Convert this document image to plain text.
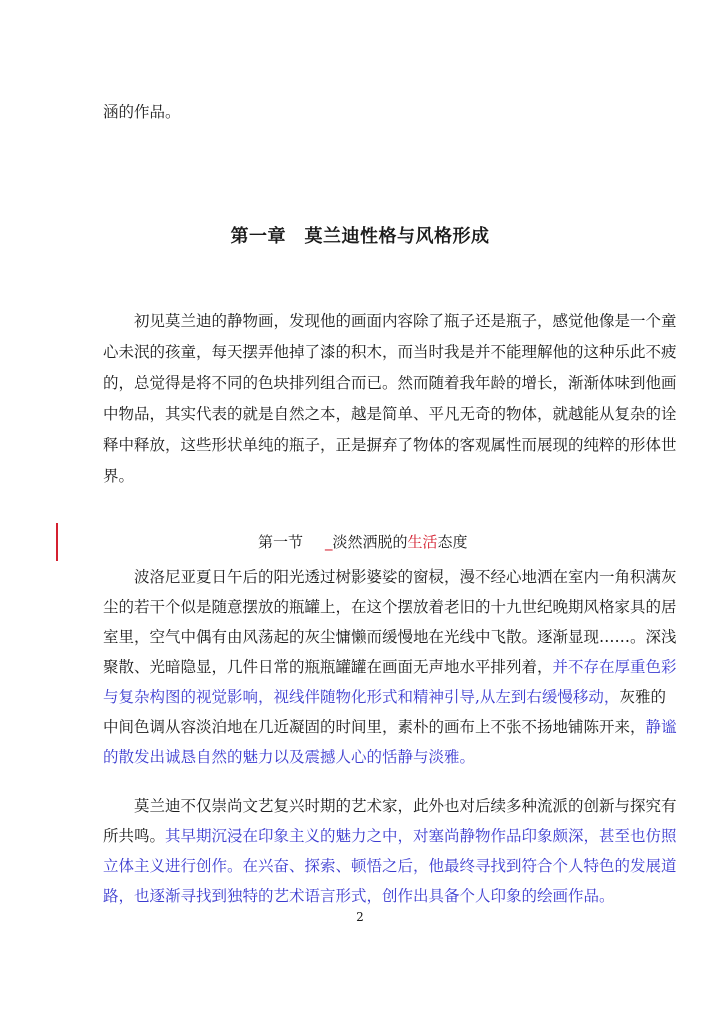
涵的作品。
第一章　莫兰迪性格与风格形成
初见莫兰迪的静物画，发现他的画面内容除了瓶子还是瓶子，感觉他像是一个童
心未泯的孩童，每天摆弄他掉了漆的积木，而当时我是并不能理解他的这种乐此不疲
的，总觉得是将不同的色块排列组合而已。然而随着我年龄的增长，渐渐体味到他画
中物品，其实代表的就是自然之本，越是简单、平凡无奇的物体，就越能从复杂的诠
释中释放，这些形状单纯的瓶子，正是摒弃了物体的客观属性而展现的纯粹的形体世
界。
第一节 _淡然洒脱的生活态度
波洛尼亚夏日午后的阳光透过树影婆娑的窗棂，漫不经心地洒在室内一角积满灰
尘的若干个似是随意摆放的瓶罐上，在这个摆放着老旧的十九世纪晚期风格家具的居
室里，空气中偶有由风荡起的灰尘慵懒而缓慢地在光线中飞散。逐渐显现……。深浅
聚散、光暗隐显，几件日常的瓶瓶罐罐在画面无声地水平排列着，并不存在厚重色彩
与复杂构图的视觉影响，视线伴随物化形式和精神引导,从左到右缓慢移动，灰雅的
中间色调从容淡泊地在几近凝固的时间里，素朴的画布上不张不扬地铺陈开来，静谧
的散发出诚恳自然的魅力以及震撼人心的恬静与淡雅。
莫兰迪不仅崇尚文艺复兴时期的艺术家，此外也对后续多种流派的创新与探究有
所共鸣。其早期沉浸在印象主义的魅力之中，对塞尚静物作品印象颇深，甚至也仿照
立体主义进行创作。在兴奋、探索、顿悟之后，他最终寻找到符合个人特色的发展道
路，也逐渐寻找到独特的艺术语言形式，创作出具备个人印象的绘画作品。
2
